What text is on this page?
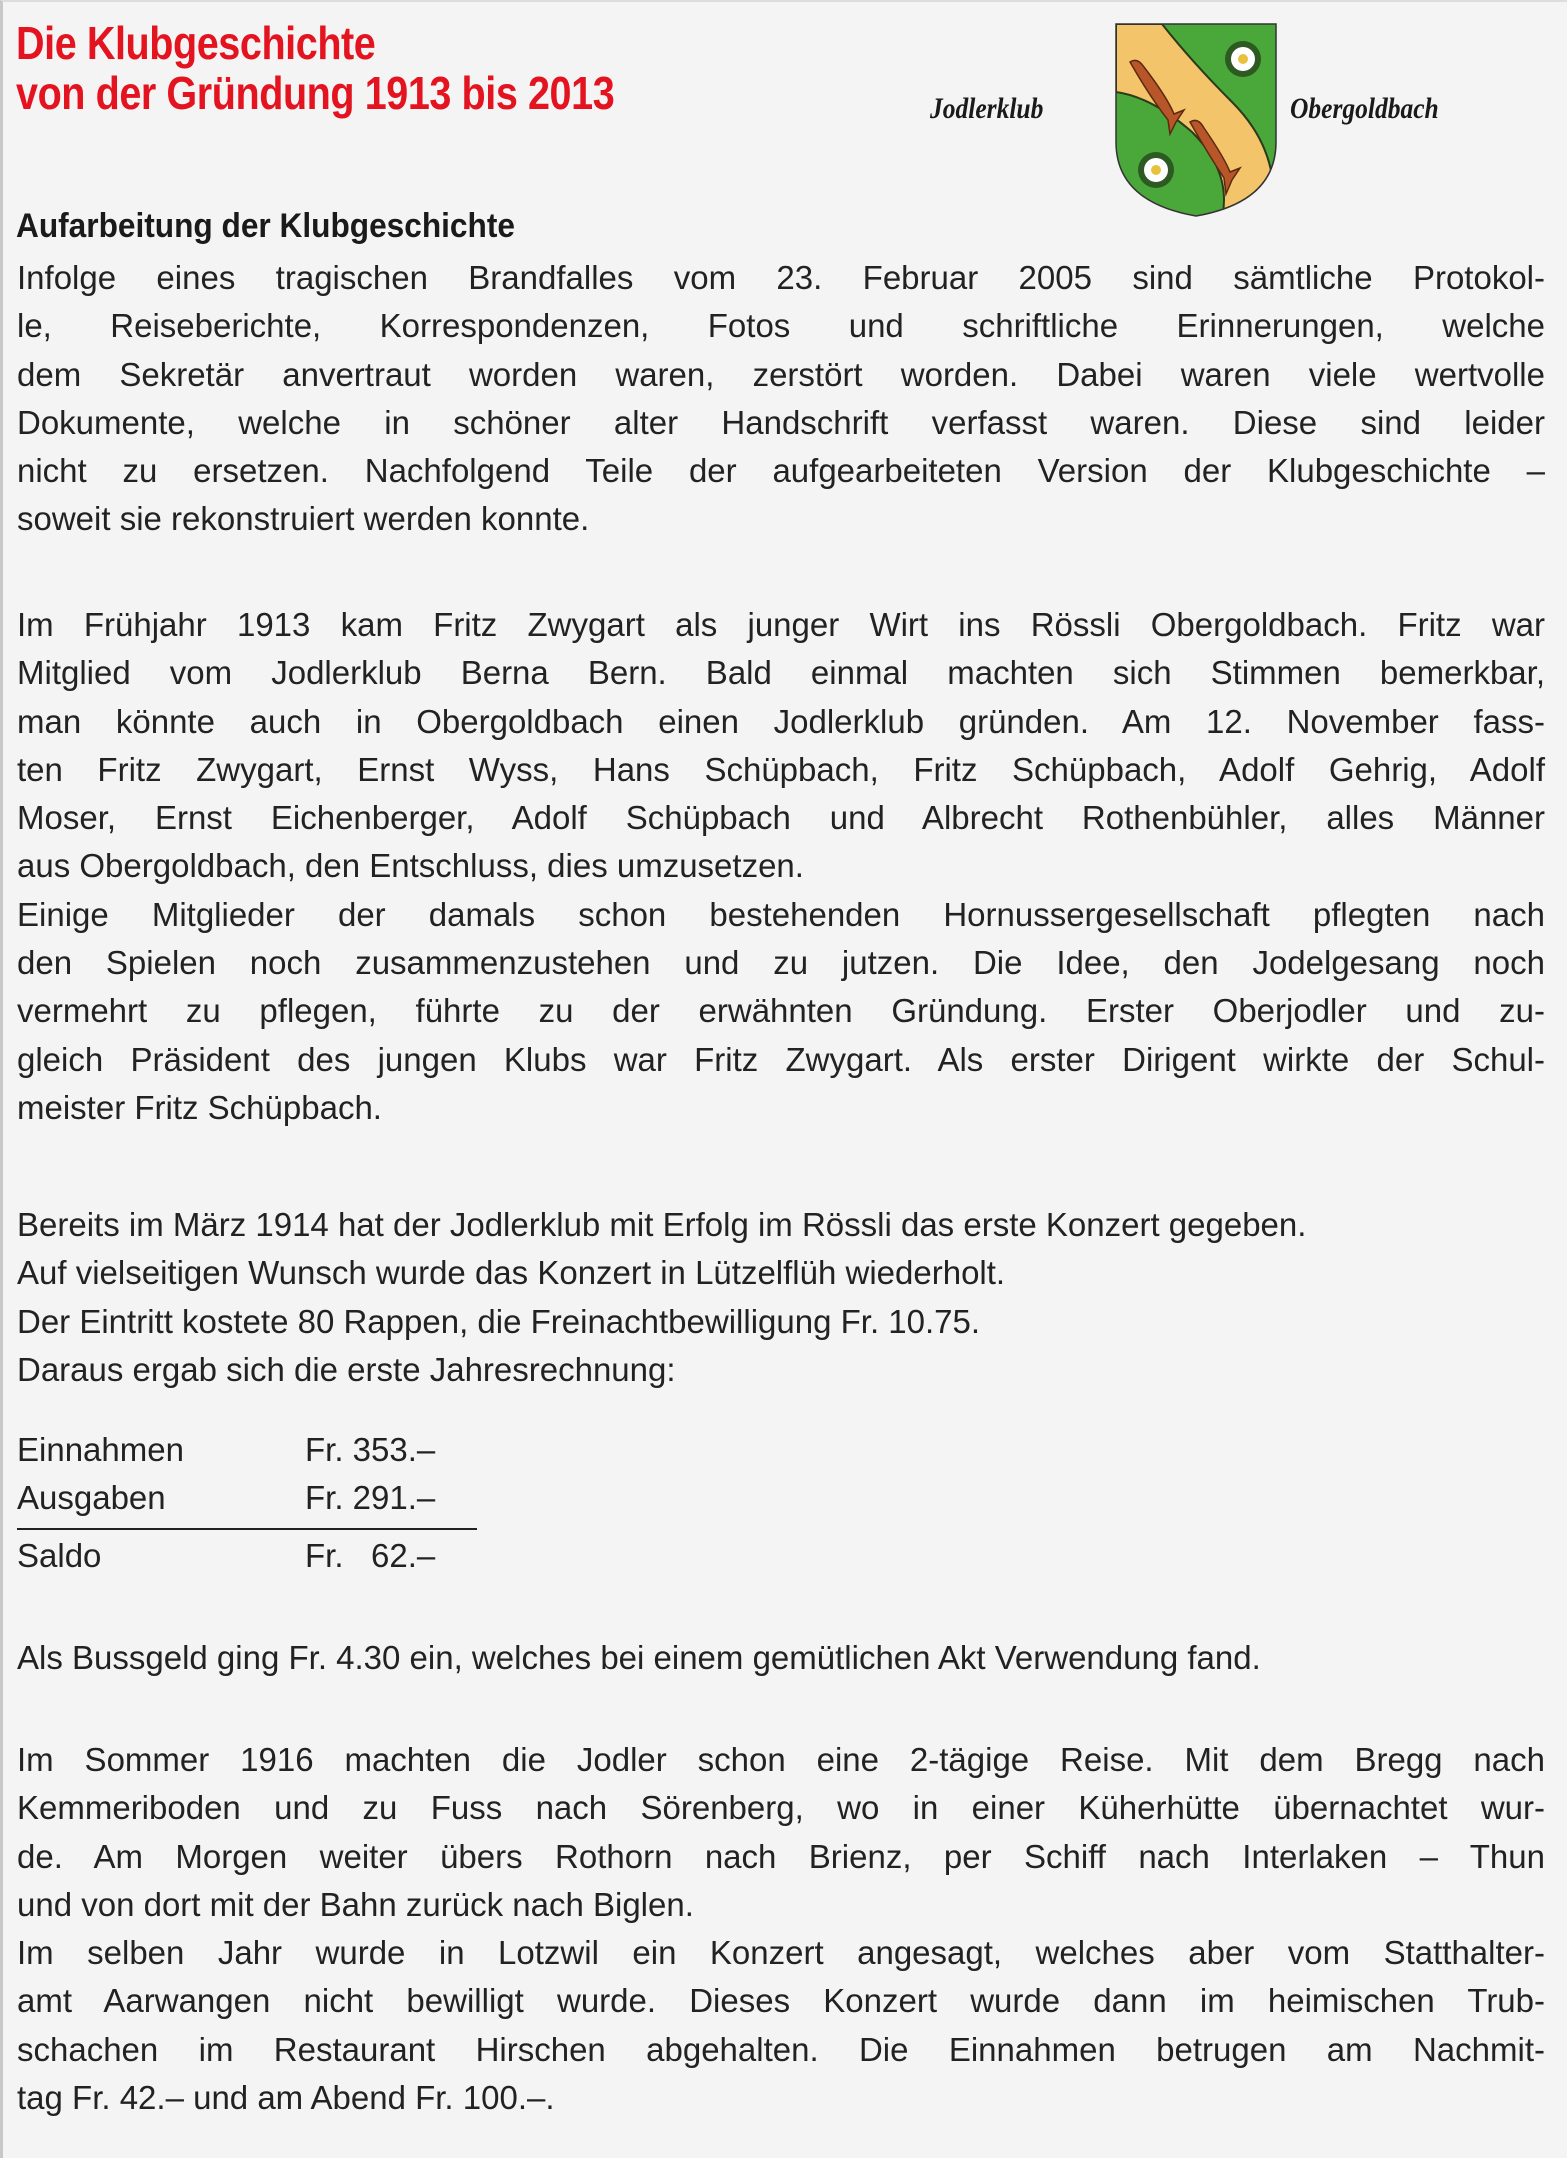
Die Klubgeschichte
von der Gründung 1913 bis 2013	Jodlerklub	Obergoldbach
Aufarbeitung der Klubgeschichte
Infolge eines tragischen Brandfalles vom 23. Februar 2005 sind sämtliche Protokol-
le, Reiseberichte, Korrespondenzen, Fotos und schriftliche Erinnerungen, welche
dem Sekretär anvertraut worden waren, zerstört worden. Dabei waren viele wertvolle
Dokumente, welche in schöner alter Handschrift verfasst waren. Diese sind leider
nicht zu ersetzen. Nachfolgend Teile der aufgearbeiteten Version der Klubgeschichte –
soweit sie rekonstruiert werden konnte.
Im Frühjahr 1913 kam Fritz Zwygart als junger Wirt ins Rössli Obergoldbach. Fritz war
Mitglied vom Jodlerklub Berna Bern. Bald einmal machten sich Stimmen bemerkbar,
man könnte auch in Obergoldbach einen Jodlerklub gründen. Am 12. November fass-
ten Fritz Zwygart, Ernst Wyss, Hans Schüpbach, Fritz Schüpbach, Adolf Gehrig, Adolf
Moser, Ernst Eichenberger, Adolf Schüpbach und Albrecht Rothenbühler, alles Männer
aus Obergoldbach, den Entschluss, dies umzusetzen.
Einige Mitglieder der damals schon bestehenden Hornussergesellschaft pflegten nach
den Spielen noch zusammenzustehen und zu jutzen. Die Idee, den Jodelgesang noch
vermehrt zu pflegen, führte zu der erwähnten Gründung. Erster Oberjodler und zu-
gleich Präsident des jungen Klubs war Fritz Zwygart. Als erster Dirigent wirkte der Schul-
meister Fritz Schüpbach.
Bereits im März 1914 hat der Jodlerklub mit Erfolg im Rössli das erste Konzert gegeben.
Auf vielseitigen Wunsch wurde das Konzert in Lützelflüh wiederholt.
Der Eintritt kostete 80 Rappen, die Freinachtbewilligung Fr. 10.75.
Daraus ergab sich die erste Jahresrechnung:
Einnahmen	Fr. 353.–
Ausgaben	Fr. 291.–
Saldo	Fr.   62.–
Als Bussgeld ging Fr. 4.30 ein, welches bei einem gemütlichen Akt Verwendung fand.
Im Sommer 1916 machten die Jodler schon eine 2-tägige Reise. Mit dem Bregg nach
Kemmeriboden und zu Fuss nach Sörenberg, wo in einer Küherhütte übernachtet wur-
de. Am Morgen weiter übers Rothorn nach Brienz, per Schiff nach Interlaken – Thun
und von dort mit der Bahn zurück nach Biglen.
Im selben Jahr wurde in Lotzwil ein Konzert angesagt, welches aber vom Statthalter-
amt Aarwangen nicht bewilligt wurde. Dieses Konzert wurde dann im heimischen Trub-
schachen im Restaurant Hirschen abgehalten. Die Einnahmen betrugen am Nachmit-
tag Fr. 42.– und am Abend Fr. 100.–.
